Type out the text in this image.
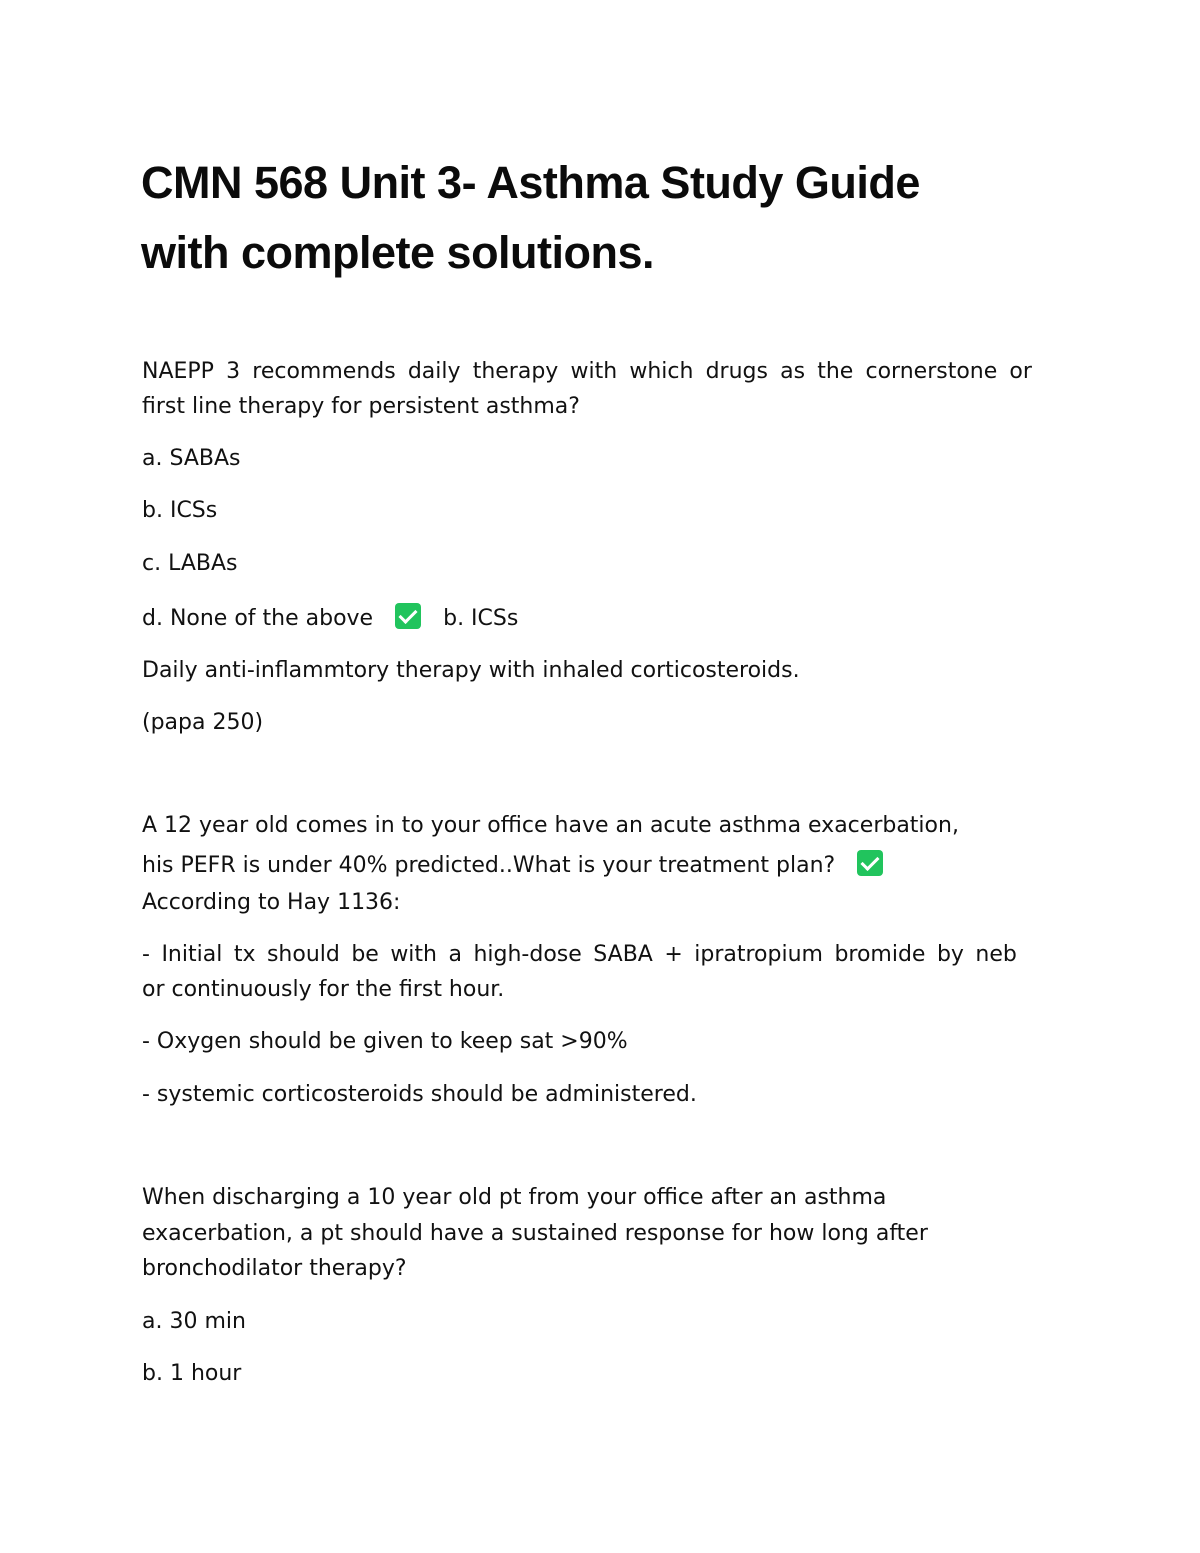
CMN 568 Unit 3- Asthma Study Guide
with complete solutions.
NAEPP 3 recommends daily therapy with which drugs as the cornerstone or
first line therapy for persistent asthma?
a. SABAs
b. ICSs
c. LABAs
d. None of the above	b. ICSs
Daily anti-inflammtory therapy with inhaled corticosteroids.
(papa 250)
A 12 year old comes in to your office have an acute asthma exacerbation,
his PEFR is under 40% predicted..What is your treatment plan?
According to Hay 1136:
- Initial tx should be with a high-dose SABA + ipratropium bromide by neb
or continuously for the first hour.
- Oxygen should be given to keep sat >90%
- systemic corticosteroids should be administered.
When discharging a 10 year old pt from your office after an asthma
exacerbation, a pt should have a sustained response for how long after
bronchodilator therapy?
a. 30 min
b. 1 hour
